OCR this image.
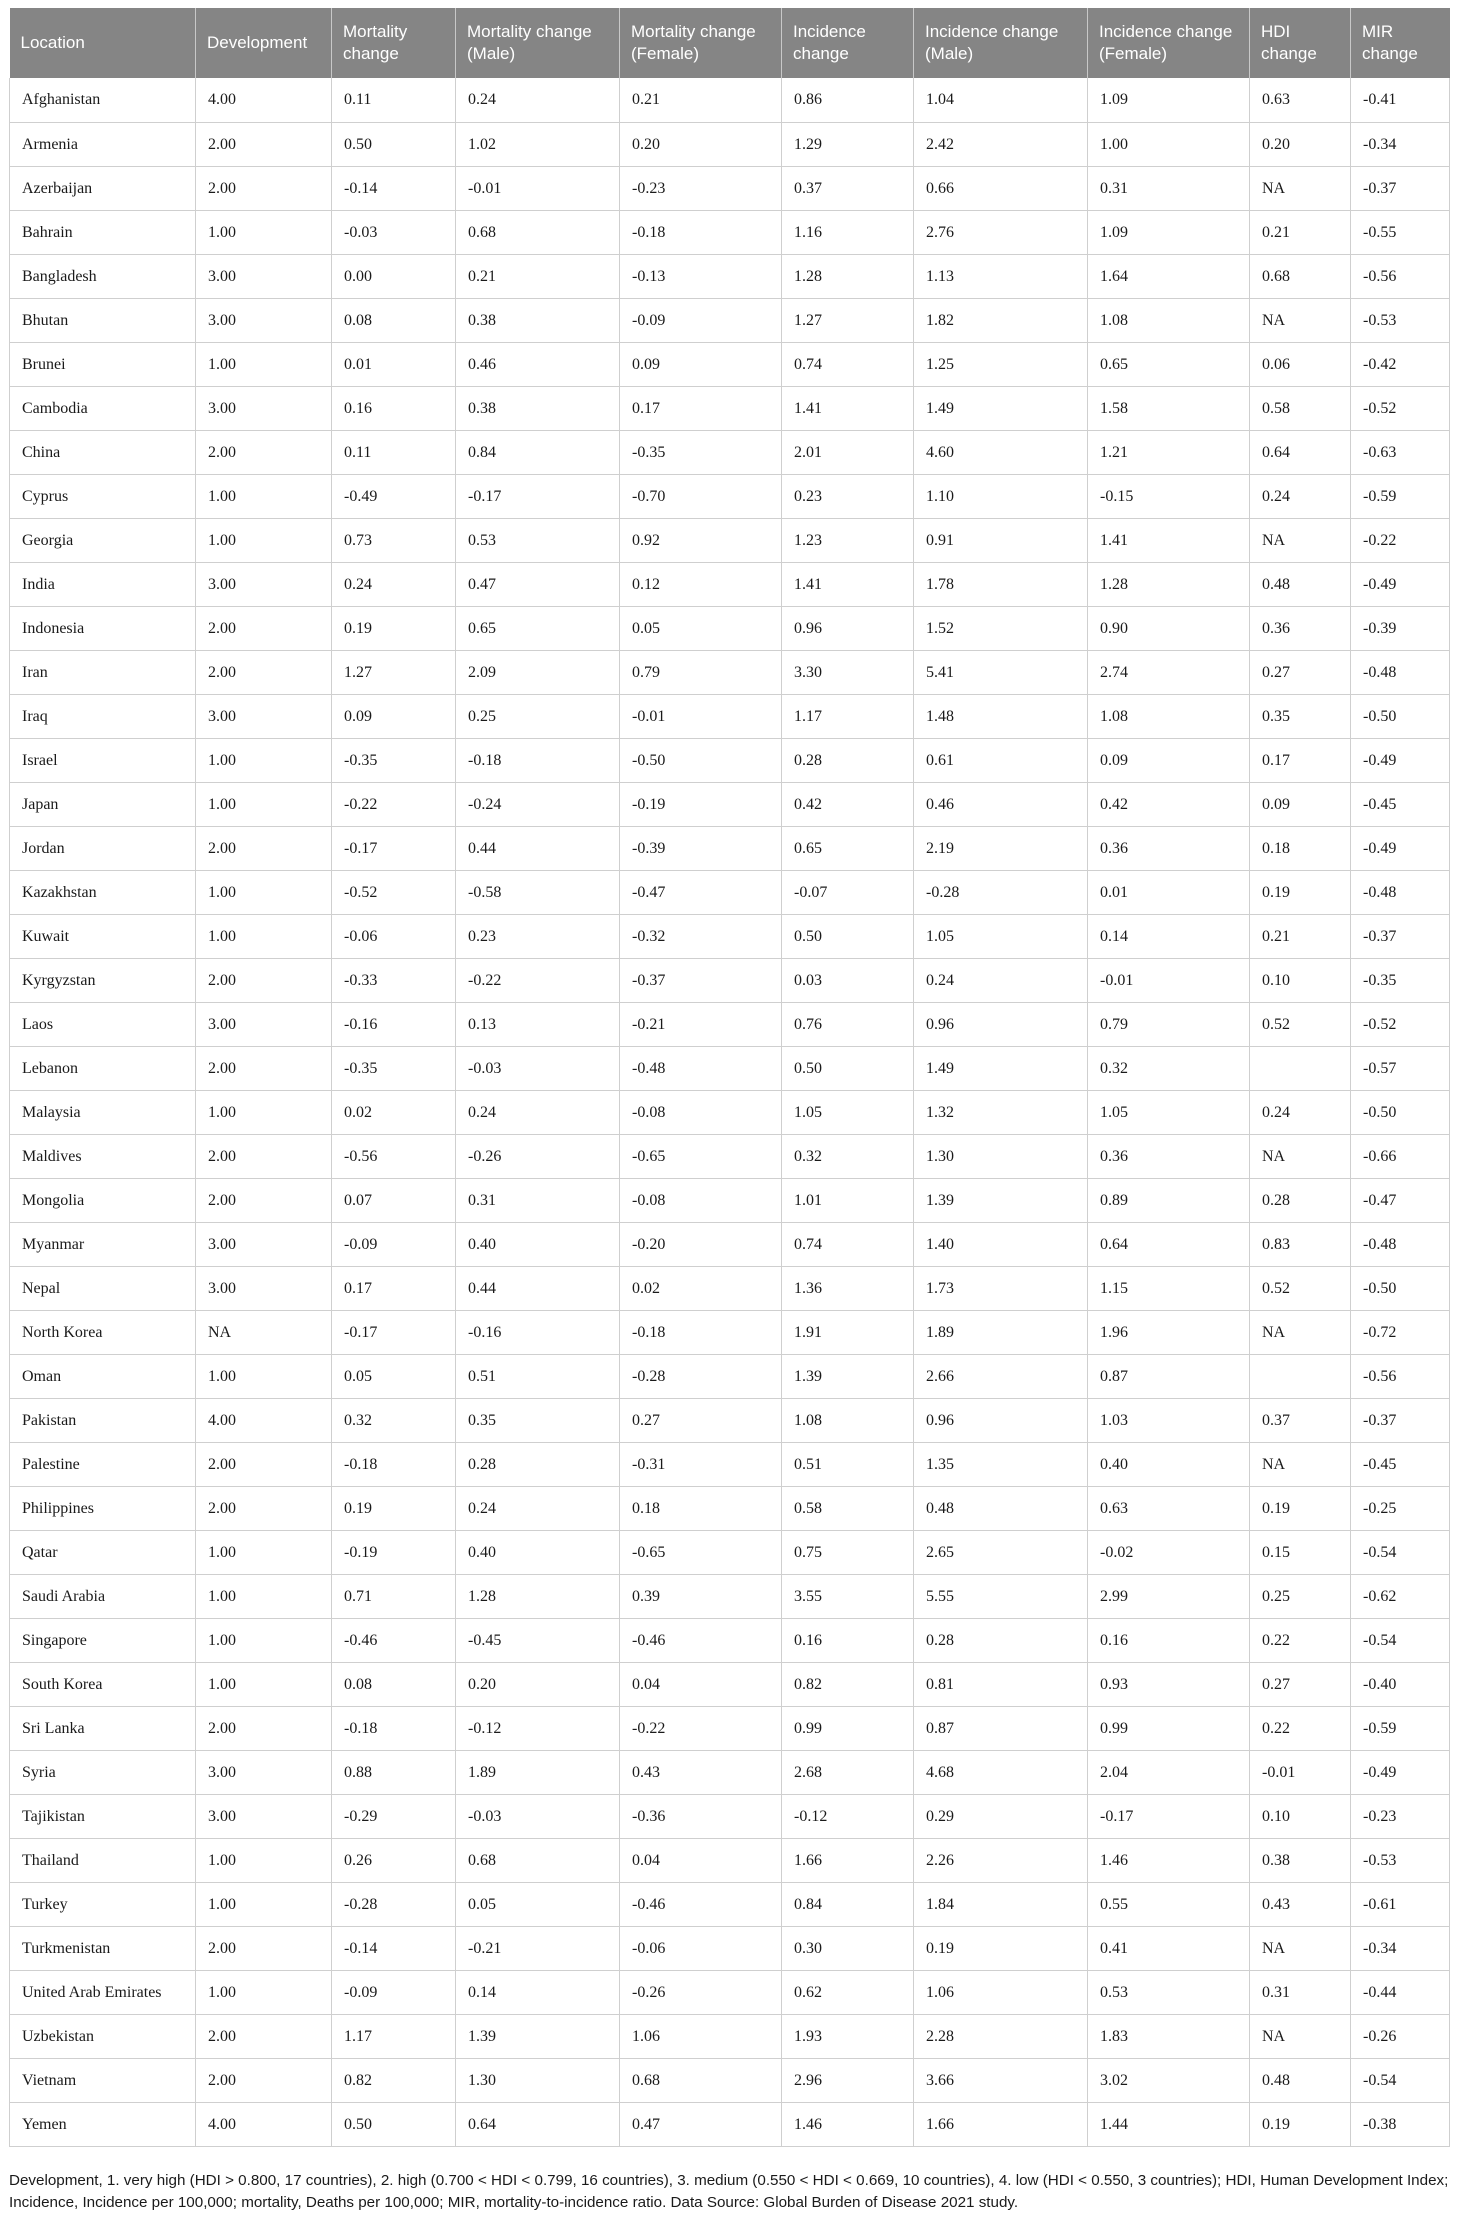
Location	Development	Mortality change	Mortality change (Male)	Mortality change (Female)	Incidence change	Incidence change (Male)	Incidence change (Female)	HDI change	MIR change
Afghanistan	4.00	0.11	0.24	0.21	0.86	1.04	1.09	0.63	-0.41
Armenia	2.00	0.50	1.02	0.20	1.29	2.42	1.00	0.20	-0.34
Azerbaijan	2.00	-0.14	-0.01	-0.23	0.37	0.66	0.31	NA	-0.37
Bahrain	1.00	-0.03	0.68	-0.18	1.16	2.76	1.09	0.21	-0.55
Bangladesh	3.00	0.00	0.21	-0.13	1.28	1.13	1.64	0.68	-0.56
Bhutan	3.00	0.08	0.38	-0.09	1.27	1.82	1.08	NA	-0.53
Brunei	1.00	0.01	0.46	0.09	0.74	1.25	0.65	0.06	-0.42
Cambodia	3.00	0.16	0.38	0.17	1.41	1.49	1.58	0.58	-0.52
China	2.00	0.11	0.84	-0.35	2.01	4.60	1.21	0.64	-0.63
Cyprus	1.00	-0.49	-0.17	-0.70	0.23	1.10	-0.15	0.24	-0.59
Georgia	1.00	0.73	0.53	0.92	1.23	0.91	1.41	NA	-0.22
India	3.00	0.24	0.47	0.12	1.41	1.78	1.28	0.48	-0.49
Indonesia	2.00	0.19	0.65	0.05	0.96	1.52	0.90	0.36	-0.39
Iran	2.00	1.27	2.09	0.79	3.30	5.41	2.74	0.27	-0.48
Iraq	3.00	0.09	0.25	-0.01	1.17	1.48	1.08	0.35	-0.50
Israel	1.00	-0.35	-0.18	-0.50	0.28	0.61	0.09	0.17	-0.49
Japan	1.00	-0.22	-0.24	-0.19	0.42	0.46	0.42	0.09	-0.45
Jordan	2.00	-0.17	0.44	-0.39	0.65	2.19	0.36	0.18	-0.49
Kazakhstan	1.00	-0.52	-0.58	-0.47	-0.07	-0.28	0.01	0.19	-0.48
Kuwait	1.00	-0.06	0.23	-0.32	0.50	1.05	0.14	0.21	-0.37
Kyrgyzstan	2.00	-0.33	-0.22	-0.37	0.03	0.24	-0.01	0.10	-0.35
Laos	3.00	-0.16	0.13	-0.21	0.76	0.96	0.79	0.52	-0.52
Lebanon	2.00	-0.35	-0.03	-0.48	0.50	1.49	0.32		-0.57
Malaysia	1.00	0.02	0.24	-0.08	1.05	1.32	1.05	0.24	-0.50
Maldives	2.00	-0.56	-0.26	-0.65	0.32	1.30	0.36	NA	-0.66
Mongolia	2.00	0.07	0.31	-0.08	1.01	1.39	0.89	0.28	-0.47
Myanmar	3.00	-0.09	0.40	-0.20	0.74	1.40	0.64	0.83	-0.48
Nepal	3.00	0.17	0.44	0.02	1.36	1.73	1.15	0.52	-0.50
North Korea	NA	-0.17	-0.16	-0.18	1.91	1.89	1.96	NA	-0.72
Oman	1.00	0.05	0.51	-0.28	1.39	2.66	0.87		-0.56
Pakistan	4.00	0.32	0.35	0.27	1.08	0.96	1.03	0.37	-0.37
Palestine	2.00	-0.18	0.28	-0.31	0.51	1.35	0.40	NA	-0.45
Philippines	2.00	0.19	0.24	0.18	0.58	0.48	0.63	0.19	-0.25
Qatar	1.00	-0.19	0.40	-0.65	0.75	2.65	-0.02	0.15	-0.54
Saudi Arabia	1.00	0.71	1.28	0.39	3.55	5.55	2.99	0.25	-0.62
Singapore	1.00	-0.46	-0.45	-0.46	0.16	0.28	0.16	0.22	-0.54
South Korea	1.00	0.08	0.20	0.04	0.82	0.81	0.93	0.27	-0.40
Sri Lanka	2.00	-0.18	-0.12	-0.22	0.99	0.87	0.99	0.22	-0.59
Syria	3.00	0.88	1.89	0.43	2.68	4.68	2.04	-0.01	-0.49
Tajikistan	3.00	-0.29	-0.03	-0.36	-0.12	0.29	-0.17	0.10	-0.23
Thailand	1.00	0.26	0.68	0.04	1.66	2.26	1.46	0.38	-0.53
Turkey	1.00	-0.28	0.05	-0.46	0.84	1.84	0.55	0.43	-0.61
Turkmenistan	2.00	-0.14	-0.21	-0.06	0.30	0.19	0.41	NA	-0.34
United Arab Emirates	1.00	-0.09	0.14	-0.26	0.62	1.06	0.53	0.31	-0.44
Uzbekistan	2.00	1.17	1.39	1.06	1.93	2.28	1.83	NA	-0.26
Vietnam	2.00	0.82	1.30	0.68	2.96	3.66	3.02	0.48	-0.54
Yemen	4.00	0.50	0.64	0.47	1.46	1.66	1.44	0.19	-0.38
Development, 1. very high (HDI > 0.800, 17 countries), 2. high (0.700 < HDI < 0.799, 16 countries), 3. medium (0.550 < HDI < 0.669, 10 countries), 4. low (HDI < 0.550, 3 countries); HDI, Human Development Index; Incidence, Incidence per 100,000; mortality, Deaths per 100,000; MIR, mortality-to-incidence ratio. Data Source: Global Burden of Disease 2021 study.
